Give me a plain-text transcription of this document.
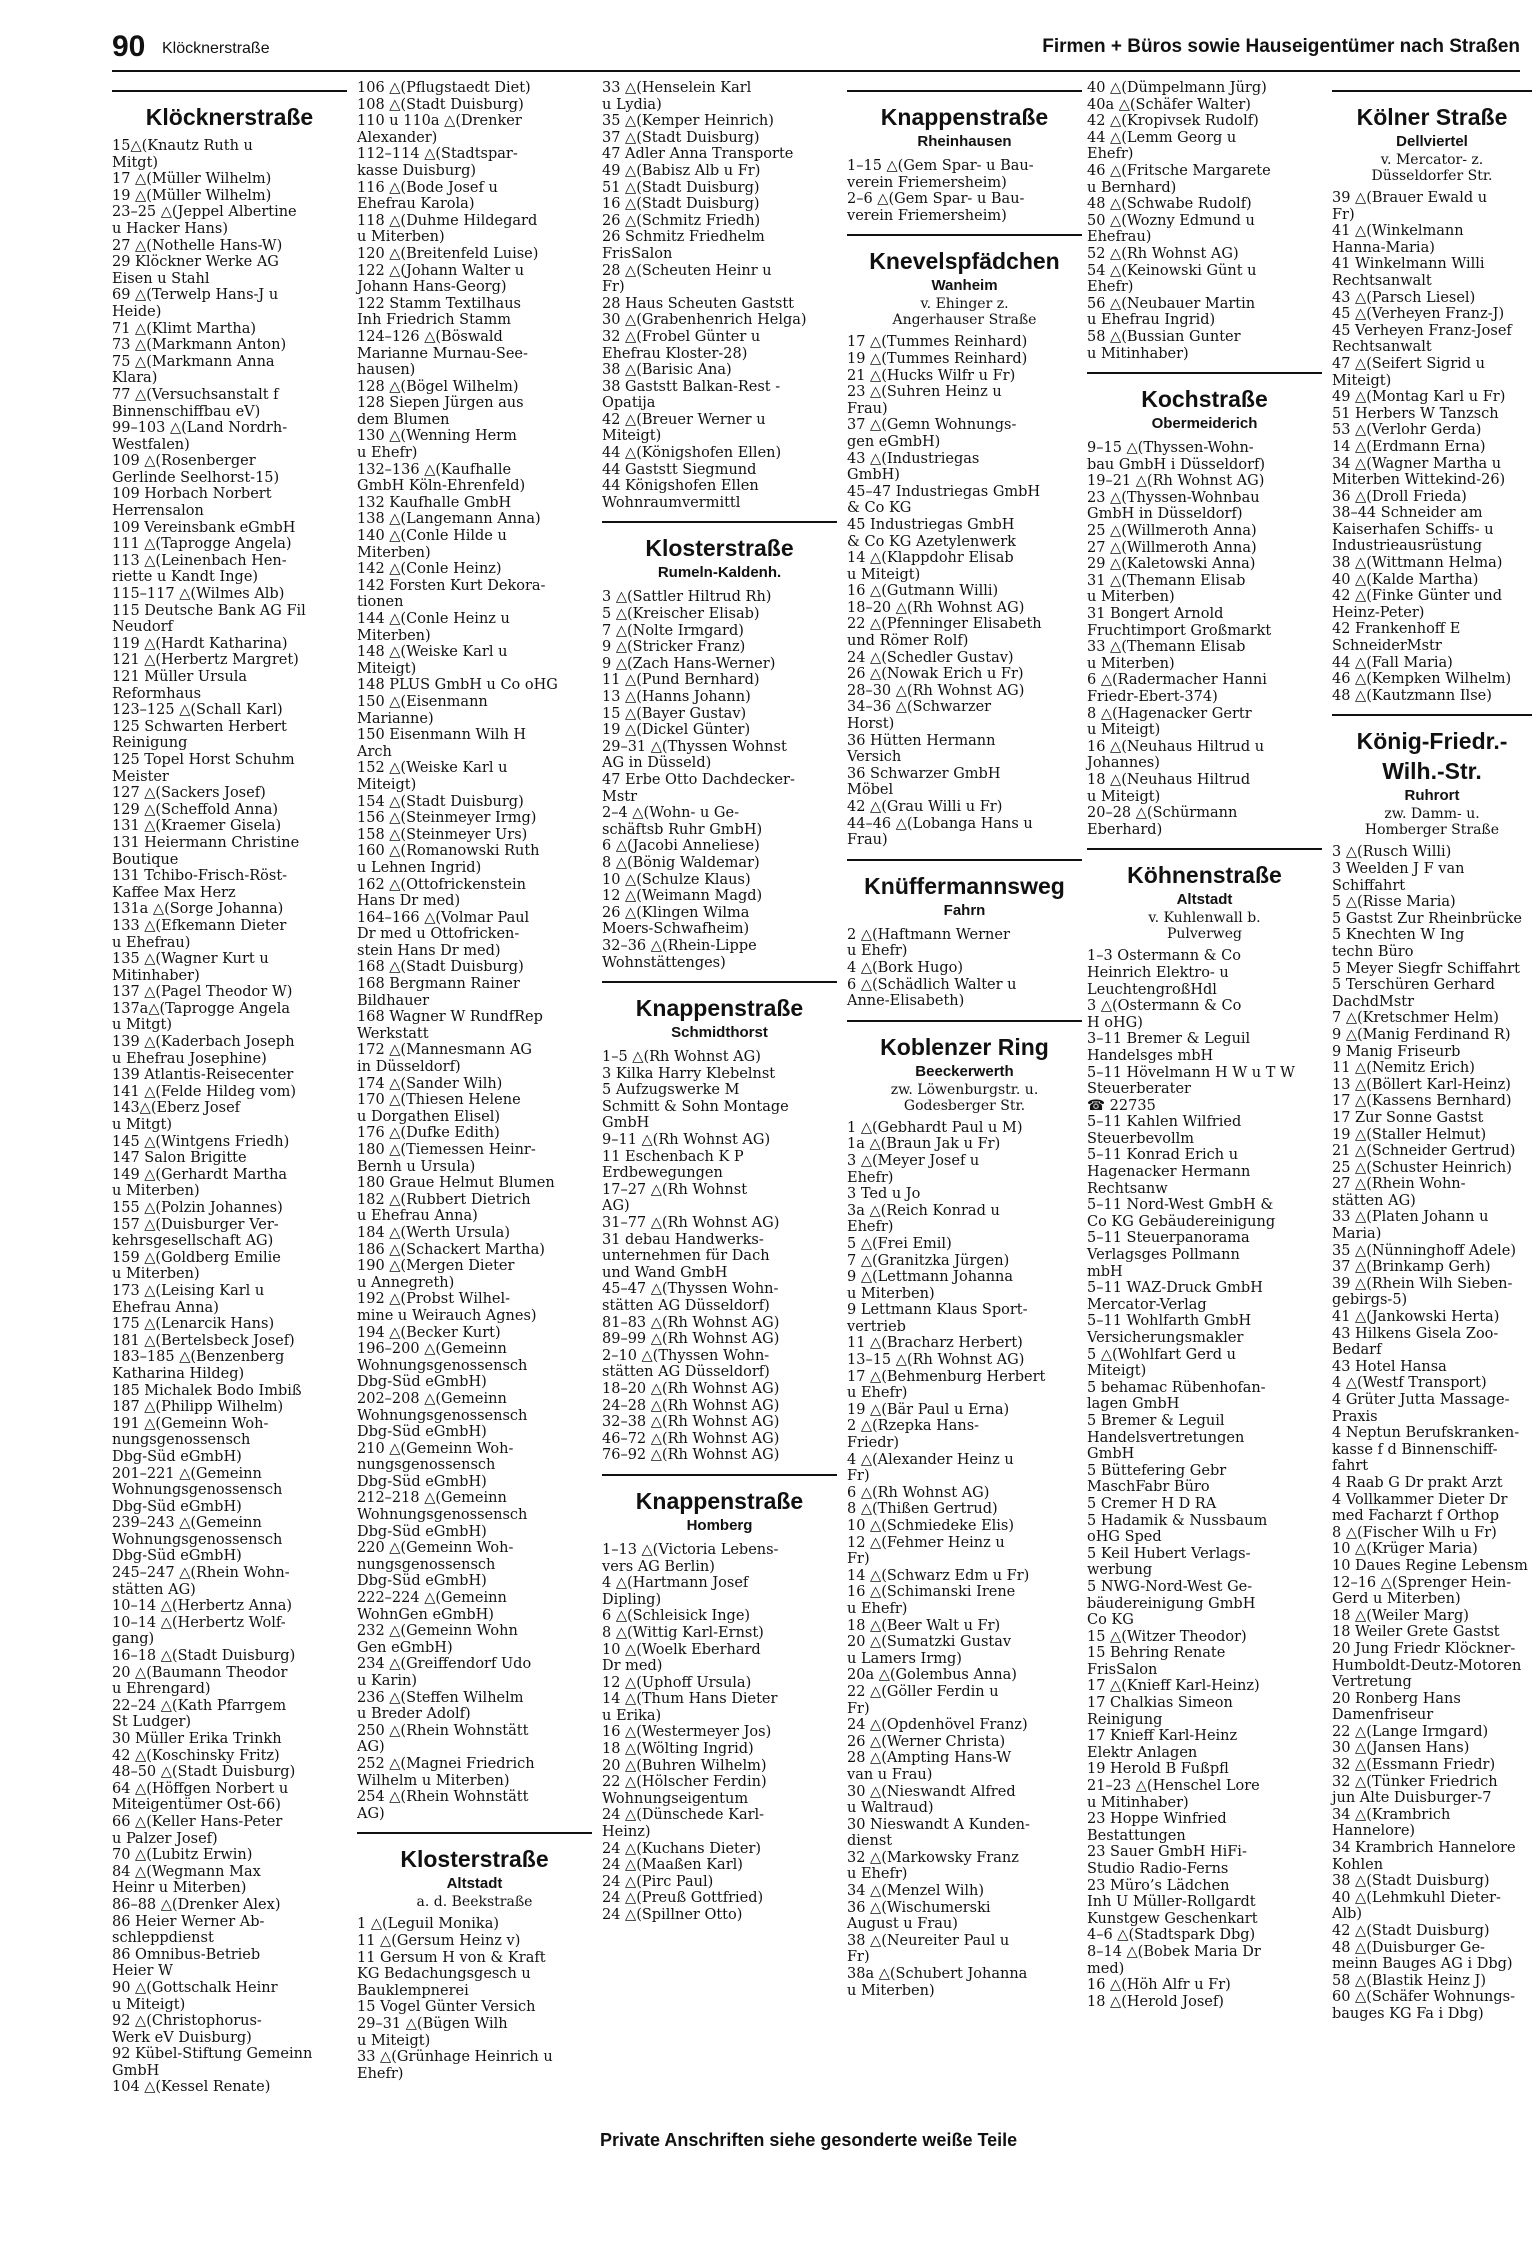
90 Klöcknerstraße	Firmen + Büros sowie Hauseigentümer nach Straßen
Klöcknerstraße
15△(Knautz Ruth u
Mitgt)
17 △(Müller Wilhelm)
19 △(Müller Wilhelm)
23–25 △(Jeppel Albertine
u Hacker Hans)
27 △(Nothelle Hans-W)
29 Klöckner Werke AG
Eisen u Stahl
69 △(Terwelp Hans-J u
Heide)
71 △(Klimt Martha)
73 △(Markmann Anton)
75 △(Markmann Anna
Klara)
77 △(Versuchsanstalt f
Binnenschiffbau eV)
99–103 △(Land Nordrh-
Westfalen)
109 △(Rosenberger
Gerlinde Seelhorst-15)
109 Horbach Norbert
Herrensalon
109 Vereinsbank eGmbH
111 △(Taprogge Angela)
113 △(Leinenbach Hen-
riette u Kandt Inge)
115–117 △(Wilmes Alb)
115 Deutsche Bank AG Fil
Neudorf
119 △(Hardt Katharina)
121 △(Herbertz Margret)
121 Müller Ursula
Reformhaus
123–125 △(Schall Karl)
125 Schwarten Herbert
Reinigung
125 Topel Horst Schuhm
Meister
127 △(Sackers Josef)
129 △(Scheffold Anna)
131 △(Kraemer Gisela)
131 Heiermann Christine
Boutique
131 Tchibo-Frisch-Röst-
Kaffee Max Herz
131a △(Sorge Johanna)
133 △(Efkemann Dieter
u Ehefrau)
135 △(Wagner Kurt u
Mitinhaber)
137 △(Pagel Theodor W)
137a△(Taprogge Angela
u Mitgt)
139 △(Kaderbach Joseph
u Ehefrau Josephine)
139 Atlantis-Reisecenter
141 △(Felde Hildeg vom)
143△(Eberz Josef
u Mitgt)
145 △(Wintgens Friedh)
147 Salon Brigitte
149 △(Gerhardt Martha
u Miterben)
155 △(Polzin Johannes)
157 △(Duisburger Ver-
kehrsgesellschaft AG)
159 △(Goldberg Emilie
u Miterben)
173 △(Leising Karl u
Ehefrau Anna)
175 △(Lenarcik Hans)
181 △(Bertelsbeck Josef)
183–185 △(Benzenberg
Katharina Hildeg)
185 Michalek Bodo Imbiß
187 △(Philipp Wilhelm)
191 △(Gemeinn Woh-
nungsgenossensch
Dbg-Süd eGmbH)
201–221 △(Gemeinn
Wohnungsgenossensch
Dbg-Süd eGmbH)
239–243 △(Gemeinn
Wohnungsgenossensch
Dbg-Süd eGmbH)
245–247 △(Rhein Wohn-
stätten AG)
10–14 △(Herbertz Anna)
10–14 △(Herbertz Wolf-
gang)
16–18 △(Stadt Duisburg)
20 △(Baumann Theodor
u Ehrengard)
22–24 △(Kath Pfarrgem
St Ludger)
30 Müller Erika Trinkh
42 △(Koschinsky Fritz)
48–50 △(Stadt Duisburg)
64 △(Höffgen Norbert u
Miteigentümer Ost-66)
66 △(Keller Hans-Peter
u Palzer Josef)
70 △(Lubitz Erwin)
84 △(Wegmann Max
Heinr u Miterben)
86–88 △(Drenker Alex)
86 Heier Werner Ab-
schleppdienst
86 Omnibus-Betrieb
Heier W
90 △(Gottschalk Heinr
u Miteigt)
92 △(Christophorus-
Werk eV Duisburg)
92 Kübel-Stiftung Gemeinn
GmbH
104 △(Kessel Renate)
106 △(Pflugstaedt Diet)
108 △(Stadt Duisburg)
110 u 110a △(Drenker
Alexander)
112–114 △(Stadtspar-
kasse Duisburg)
116 △(Bode Josef u
Ehefrau Karola)
118 △(Duhme Hildegard
u Miterben)
120 △(Breitenfeld Luise)
122 △(Johann Walter u
Johann Hans-Georg)
122 Stamm Textilhaus
Inh Friedrich Stamm
124–126 △(Böswald
Marianne Murnau-See-
hausen)
128 △(Bögel Wilhelm)
128 Siepen Jürgen aus
dem Blumen
130 △(Wenning Herm
u Ehefr)
132–136 △(Kaufhalle
GmbH Köln-Ehrenfeld)
132 Kaufhalle GmbH
138 △(Langemann Anna)
140 △(Conle Hilde u
Miterben)
142 △(Conle Heinz)
142 Forsten Kurt Dekora-
tionen
144 △(Conle Heinz u
Miterben)
148 △(Weiske Karl u
Miteigt)
148 PLUS GmbH u Co oHG
150 △(Eisenmann
Marianne)
150 Eisenmann Wilh H
Arch
152 △(Weiske Karl u
Miteigt)
154 △(Stadt Duisburg)
156 △(Steinmeyer Irmg)
158 △(Steinmeyer Urs)
160 △(Romanowski Ruth
u Lehnen Ingrid)
162 △(Ottofrickenstein
Hans Dr med)
164–166 △(Volmar Paul
Dr med u Ottofricken-
stein Hans Dr med)
168 △(Stadt Duisburg)
168 Bergmann Rainer
Bildhauer
168 Wagner W RundfRep
Werkstatt
172 △(Mannesmann AG
in Düsseldorf)
174 △(Sander Wilh)
170 △(Thiesen Helene
u Dorgathen Elisel)
176 △(Dufke Edith)
180 △(Tiemessen Heinr-
Bernh u Ursula)
180 Graue Helmut Blumen
182 △(Rubbert Dietrich
u Ehefrau Anna)
184 △(Werth Ursula)
186 △(Schackert Martha)
190 △(Mergen Dieter
u Annegreth)
192 △(Probst Wilhel-
mine u Weirauch Agnes)
194 △(Becker Kurt)
196–200 △(Gemeinn
Wohnungsgenossensch
Dbg-Süd eGmbH)
202–208 △(Gemeinn
Wohnungsgenossensch
Dbg-Süd eGmbH)
210 △(Gemeinn Woh-
nungsgenossensch
Dbg-Süd eGmbH)
212–218 △(Gemeinn
Wohnungsgenossensch
Dbg-Süd eGmbH)
220 △(Gemeinn Woh-
nungsgenossensch
Dbg-Süd eGmbH)
222–224 △(Gemeinn
WohnGen eGmbH)
232 △(Gemeinn Wohn
Gen eGmbH)
234 △(Greiffendorf Udo
u Karin)
236 △(Steffen Wilhelm
u Breder Adolf)
250 △(Rhein Wohnstätt
AG)
252 △(Magnei Friedrich
Wilhelm u Miterben)
254 △(Rhein Wohnstätt
AG)
Klosterstraße
Altstadt
a. d. Beekstraße
1 △(Leguil Monika)
11 △(Gersum Heinz v)
11 Gersum H von & Kraft
KG Bedachungsgesch u
Bauklempnerei
15 Vogel Günter Versich
29–31 △(Bügen Wilh
u Miteigt)
33 △(Grünhage Heinrich u
Ehefr)
33 △(Henselein Karl
u Lydia)
35 △(Kemper Heinrich)
37 △(Stadt Duisburg)
47 Adler Anna Transporte
49 △(Babisz Alb u Fr)
51 △(Stadt Duisburg)
16 △(Stadt Duisburg)
26 △(Schmitz Friedh)
26 Schmitz Friedhelm
FrisSalon
28 △(Scheuten Heinr u
Fr)
28 Haus Scheuten Gaststt
30 △(Grabenhenrich Helga)
32 △(Frobel Günter u
Ehefrau Kloster-28)
38 △(Barisic Ana)
38 Gaststt Balkan-Rest -
Opatija
42 △(Breuer Werner u
Miteigt)
44 △(Königshofen Ellen)
44 Gaststt Siegmund
44 Königshofen Ellen
Wohnraumvermittl
Klosterstraße
Rumeln-Kaldenh.
3 △(Sattler Hiltrud Rh)
5 △(Kreischer Elisab)
7 △(Nolte Irmgard)
9 △(Stricker Franz)
9 △(Zach Hans-Werner)
11 △(Pund Bernhard)
13 △(Hanns Johann)
15 △(Bayer Gustav)
19 △(Dickel Günter)
29–31 △(Thyssen Wohnst
AG in Düsseld)
47 Erbe Otto Dachdecker-
Mstr
2–4 △(Wohn- u Ge-
schäftsb Ruhr GmbH)
6 △(Jacobi Anneliese)
8 △(Bönig Waldemar)
10 △(Schulze Klaus)
12 △(Weimann Magd)
26 △(Klingen Wilma
Moers-Schwafheim)
32–36 △(Rhein-Lippe
Wohnstättenges)
Knappenstraße
Schmidthorst
1–5 △(Rh Wohnst AG)
3 Kilka Harry Klebelnst
5 Aufzugswerke M
Schmitt & Sohn Montage
GmbH
9–11 △(Rh Wohnst AG)
11 Eschenbach K P
Erdbewegungen
17–27 △(Rh Wohnst
AG)
31–77 △(Rh Wohnst AG)
31 debau Handwerks-
unternehmen für Dach
und Wand GmbH
45–47 △(Thyssen Wohn-
stätten AG Düsseldorf)
81–83 △(Rh Wohnst AG)
89–99 △(Rh Wohnst AG)
2–10 △(Thyssen Wohn-
stätten AG Düsseldorf)
18–20 △(Rh Wohnst AG)
24–28 △(Rh Wohnst AG)
32–38 △(Rh Wohnst AG)
46–72 △(Rh Wohnst AG)
76–92 △(Rh Wohnst AG)
Knappenstraße
Homberg
1–13 △(Victoria Lebens-
vers AG Berlin)
4 △(Hartmann Josef
Dipling)
6 △(Schleisick Inge)
8 △(Wittig Karl-Ernst)
10 △(Woelk Eberhard
Dr med)
12 △(Uphoff Ursula)
14 △(Thum Hans Dieter
u Erika)
16 △(Westermeyer Jos)
18 △(Wölting Ingrid)
20 △(Buhren Wilhelm)
22 △(Hölscher Ferdin)
Wohnungseigentum
24 △(Dünschede Karl-
Heinz)
24 △(Kuchans Dieter)
24 △(Maaßen Karl)
24 △(Pirc Paul)
24 △(Preuß Gottfried)
24 △(Spillner Otto)
Knappenstraße
Rheinhausen
1–15 △(Gem Spar- u Bau-
verein Friemersheim)
2–6 △(Gem Spar- u Bau-
verein Friemersheim)
Knevelspfädchen
Wanheim
v. Ehinger z.
Angerhauser Straße
17 △(Tummes Reinhard)
19 △(Tummes Reinhard)
21 △(Hucks Wilfr u Fr)
23 △(Suhren Heinz u
Frau)
37 △(Gemn Wohnungs-
gen eGmbH)
43 △(Industriegas
GmbH)
45–47 Industriegas GmbH
& Co KG
45 Industriegas GmbH
& Co KG Azetylenwerk
14 △(Klappdohr Elisab
u Miteigt)
16 △(Gutmann Willi)
18–20 △(Rh Wohnst AG)
22 △(Pfenninger Elisabeth
und Römer Rolf)
24 △(Schedler Gustav)
26 △(Nowak Erich u Fr)
28–30 △(Rh Wohnst AG)
34–36 △(Schwarzer
Horst)
36 Hütten Hermann
Versich
36 Schwarzer GmbH
Möbel
42 △(Grau Willi u Fr)
44–46 △(Lobanga Hans u
Frau)
Knüffermannsweg
Fahrn
2 △(Haftmann Werner
u Ehefr)
4 △(Bork Hugo)
6 △(Schädlich Walter u
Anne-Elisabeth)
Koblenzer Ring
Beeckerwerth
zw. Löwenburgstr. u.
Godesberger Str.
1 △(Gebhardt Paul u M)
1a △(Braun Jak u Fr)
3 △(Meyer Josef u
Ehefr)
3 Ted u Jo
3a △(Reich Konrad u
Ehefr)
5 △(Frei Emil)
7 △(Granitzka Jürgen)
9 △(Lettmann Johanna
u Miterben)
9 Lettmann Klaus Sport-
vertrieb
11 △(Bracharz Herbert)
13–15 △(Rh Wohnst AG)
17 △(Behmenburg Herbert
u Ehefr)
19 △(Bär Paul u Erna)
2 △(Rzepka Hans-
Friedr)
4 △(Alexander Heinz u
Fr)
6 △(Rh Wohnst AG)
8 △(Thißen Gertrud)
10 △(Schmiedeke Elis)
12 △(Fehmer Heinz u
Fr)
14 △(Schwarz Edm u Fr)
16 △(Schimanski Irene
u Ehefr)
18 △(Beer Walt u Fr)
20 △(Sumatzki Gustav
u Lamers Irmg)
20a △(Golembus Anna)
22 △(Göller Ferdin u
Fr)
24 △(Opdenhövel Franz)
26 △(Werner Christa)
28 △(Ampting Hans-W
van u Frau)
30 △(Nieswandt Alfred
u Waltraud)
30 Nieswandt A Kunden-
dienst
32 △(Markowsky Franz
u Ehefr)
34 △(Menzel Wilh)
36 △(Wischumerski
August u Frau)
38 △(Neureiter Paul u
Fr)
38a △(Schubert Johanna
u Miterben)
40 △(Dümpelmann Jürg)
40a △(Schäfer Walter)
42 △(Kropivsek Rudolf)
44 △(Lemm Georg u
Ehefr)
46 △(Fritsche Margarete
u Bernhard)
48 △(Schwabe Rudolf)
50 △(Wozny Edmund u
Ehefrau)
52 △(Rh Wohnst AG)
54 △(Keinowski Günt u
Ehefr)
56 △(Neubauer Martin
u Ehefrau Ingrid)
58 △(Bussian Gunter
u Mitinhaber)
Kochstraße
Obermeiderich
9–15 △(Thyssen-Wohn-
bau GmbH i Düsseldorf)
19–21 △(Rh Wohnst AG)
23 △(Thyssen-Wohnbau
GmbH in Düsseldorf)
25 △(Willmeroth Anna)
27 △(Willmeroth Anna)
29 △(Kaletowski Anna)
31 △(Themann Elisab
u Miterben)
31 Bongert Arnold
Fruchtimport Großmarkt
33 △(Themann Elisab
u Miterben)
6 △(Radermacher Hanni
Friedr-Ebert-374)
8 △(Hagenacker Gertr
u Miteigt)
16 △(Neuhaus Hiltrud u
Johannes)
18 △(Neuhaus Hiltrud
u Miteigt)
20–28 △(Schürmann
Eberhard)
Köhnenstraße
Altstadt
v. Kuhlenwall b.
Pulverweg
1–3 Ostermann & Co
Heinrich Elektro- u
LeuchtengroßHdl
3 △(Ostermann & Co
H oHG)
3–11 Bremer & Leguil
Handelsges mbH
5–11 Hövelmann H W u T W
Steuerberater
☎ 22735
5–11 Kahlen Wilfried
Steuerbevollm
5–11 Konrad Erich u
Hagenacker Hermann
Rechtsanw
5–11 Nord-West GmbH &
Co KG Gebäudereinigung
5–11 Steuerpanorama
Verlagsges Pollmann
mbH
5–11 WAZ-Druck GmbH
Mercator-Verlag
5–11 Wohlfarth GmbH
Versicherungsmakler
5 △(Wohlfart Gerd u
Miteigt)
5 behamac Rübenhofan-
lagen GmbH
5 Bremer & Leguil
Handelsvertretungen
GmbH
5 Büttefering Gebr
MaschFabr Büro
5 Cremer H D RA
5 Hadamik & Nussbaum
oHG Sped
5 Keil Hubert Verlags-
werbung
5 NWG-Nord-West Ge-
bäudereinigung GmbH
Co KG
15 △(Witzer Theodor)
15 Behring Renate
FrisSalon
17 △(Knieff Karl-Heinz)
17 Chalkias Simeon
Reinigung
17 Knieff Karl-Heinz
Elektr Anlagen
19 Herold B Fußpfl
21–23 △(Henschel Lore
u Mitinhaber)
23 Hoppe Winfried
Bestattungen
23 Sauer GmbH HiFi-
Studio Radio-Ferns
23 Müro’s Lädchen
Inh U Müller-Rollgardt
Kunstgew Geschenkart
4–6 △(Stadtspark Dbg)
8–14 △(Bobek Maria Dr
med)
16 △(Höh Alfr u Fr)
18 △(Herold Josef)
Kölner Straße
Dellviertel
v. Mercator- z.
Düsseldorfer Str.
39 △(Brauer Ewald u
Fr)
41 △(Winkelmann
Hanna-Maria)
41 Winkelmann Willi
Rechtsanwalt
43 △(Parsch Liesel)
45 △(Verheyen Franz-J)
45 Verheyen Franz-Josef
Rechtsanwalt
47 △(Seifert Sigrid u
Miteigt)
49 △(Montag Karl u Fr)
51 Herbers W Tanzsch
53 △(Verlohr Gerda)
14 △(Erdmann Erna)
34 △(Wagner Martha u
Miterben Wittekind-26)
36 △(Droll Frieda)
38–44 Schneider am
Kaiserhafen Schiffs- u
Industrieausrüstung
38 △(Wittmann Helma)
40 △(Kalde Martha)
42 △(Finke Günter und
Heinz-Peter)
42 Frankenhoff E
SchneiderMstr
44 △(Fall Maria)
46 △(Kempken Wilhelm)
48 △(Kautzmann Ilse)
König-Friedr.-Wilh.-Str.
Ruhrort
zw. Damm- u.
Homberger Straße
3 △(Rusch Willi)
3 Weelden J F van
Schiffahrt
5 △(Risse Maria)
5 Gastst Zur Rheinbrücke
5 Knechten W Ing
techn Büro
5 Meyer Siegfr Schiffahrt
5 Terschüren Gerhard
DachdMstr
7 △(Kretschmer Helm)
9 △(Manig Ferdinand R)
9 Manig Friseurb
11 △(Nemitz Erich)
13 △(Böllert Karl-Heinz)
17 △(Kassens Bernhard)
17 Zur Sonne Gastst
19 △(Staller Helmut)
21 △(Schneider Gertrud)
25 △(Schuster Heinrich)
27 △(Rhein Wohn-
stätten AG)
33 △(Platen Johann u
Maria)
35 △(Nünninghoff Adele)
37 △(Brinkamp Gerh)
39 △(Rhein Wilh Sieben-
gebirgs-5)
41 △(Jankowski Herta)
43 Hilkens Gisela Zoo-
Bedarf
43 Hotel Hansa
4 △(Westf Transport)
4 Grüter Jutta Massage-
Praxis
4 Neptun Berufskranken-
kasse f d Binnenschiff-
fahrt
4 Raab G Dr prakt Arzt
4 Vollkammer Dieter Dr
med Facharzt f Orthop
8 △(Fischer Wilh u Fr)
10 △(Krüger Maria)
10 Daues Regine Lebensm
12–16 △(Sprenger Hein-
Gerd u Miterben)
18 △(Weiler Marg)
18 Weiler Grete Gastst
20 Jung Friedr Klöckner-
Humboldt-Deutz-Motoren
Vertretung
20 Ronberg Hans
Damenfriseur
22 △(Lange Irmgard)
30 △(Jansen Hans)
32 △(Essmann Friedr)
32 △(Tünker Friedrich
jun Alte Duisburger-7
34 △(Krambrich
Hannelore)
34 Krambrich Hannelore
Kohlen
38 △(Stadt Duisburg)
40 △(Lehmkuhl Dieter-
Alb)
42 △(Stadt Duisburg)
48 △(Duisburger Ge-
meinn Bauges AG i Dbg)
58 △(Blastik Heinz J)
60 △(Schäfer Wohnungs-
bauges KG Fa i Dbg)
Private Anschriften siehe gesonderte weiße Teile
